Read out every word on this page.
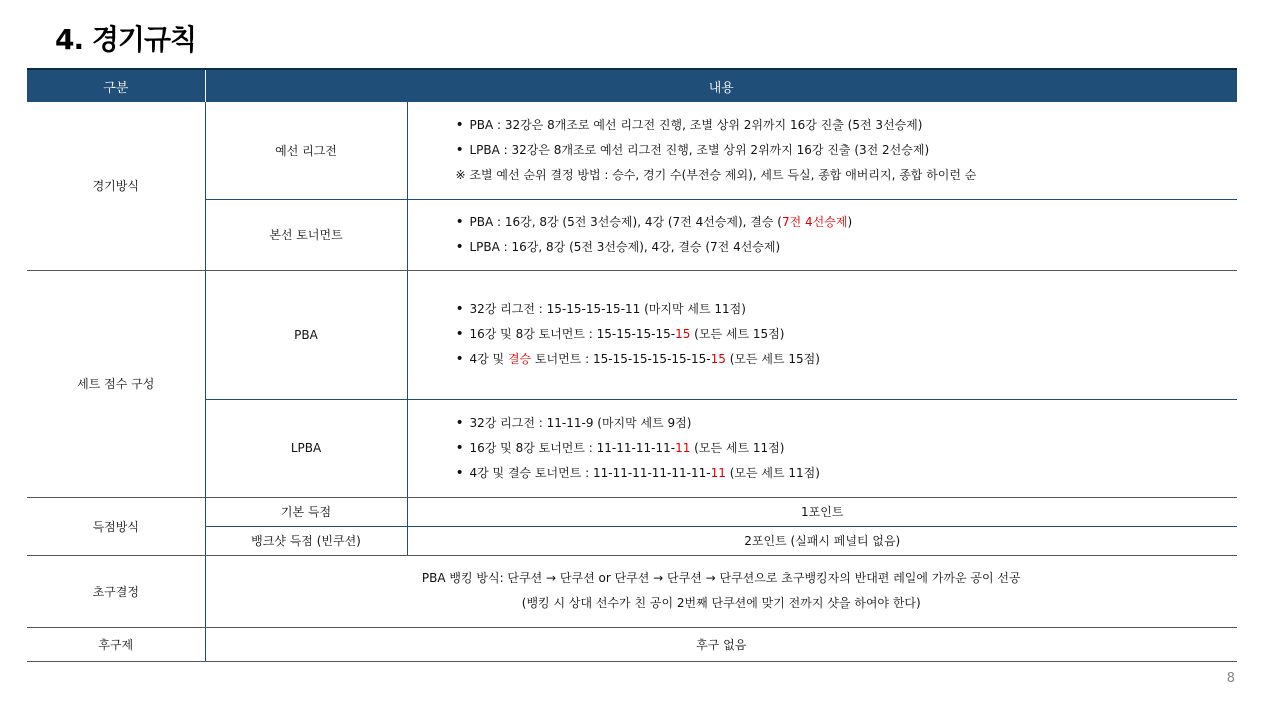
4. 경기규칙
구분	내용	
경기방식	예선 리그전	• PBA : 32강은 8개조로 예선 리그전 진행, 조별 상위 2위까지 16강 진출 (5전 3선승제)
• LPBA : 32강은 8개조로 예선 리그전 진행, 조별 상위 2위까지 16강 진출 (3전 2선승제)
※ 조별 예선 순위 결정 방법 : 승수, 경기 수(부전승 제외), 세트 득실, 종합 애버리지, 종합 하이런 순

	본선 토너먼트	• PBA : 16강, 8강 (5전 3선승제), 4강 (7전 4선승제), 결승 (7전 4선승제)
• LPBA : 16강, 8강 (5전 3선승제), 4강, 결승 (7전 4선승제)

세트 점수 구성	PBA	• 32강 리그전 : 15-15-15-15-11 (마지막 세트 11점)
• 16강 및 8강 토너먼트 : 15-15-15-15-15 (모든 세트 15점)
• 4강 및 결승 토너먼트 : 15-15-15-15-15-15-15 (모든 세트 15점)

	LPBA	• 32강 리그전 : 11-11-9 (마지막 세트 9점)
• 16강 및 8강 토너먼트 : 11-11-11-11-11 (모든 세트 11점)
• 4강 및 결승 토너먼트 : 11-11-11-11-11-11-11 (모든 세트 11점)

득점방식	기본 득점	1포인트
	뱅크샷 득점 (빈쿠션)	2포인트 (실패시 페널티 없음)
초구결정	PBA 뱅킹 방식: 단쿠션 → 단쿠션 or 단쿠션 → 단쿠션 → 단쿠션으로 초구뱅킹자의 반대편 레일에 가까운 공이 선공
(뱅킹 시 상대 선수가 친 공이 2번째 단쿠션에 맞기 전까지 샷을 하여야 한다)	

후구제	후구 없음	
8
